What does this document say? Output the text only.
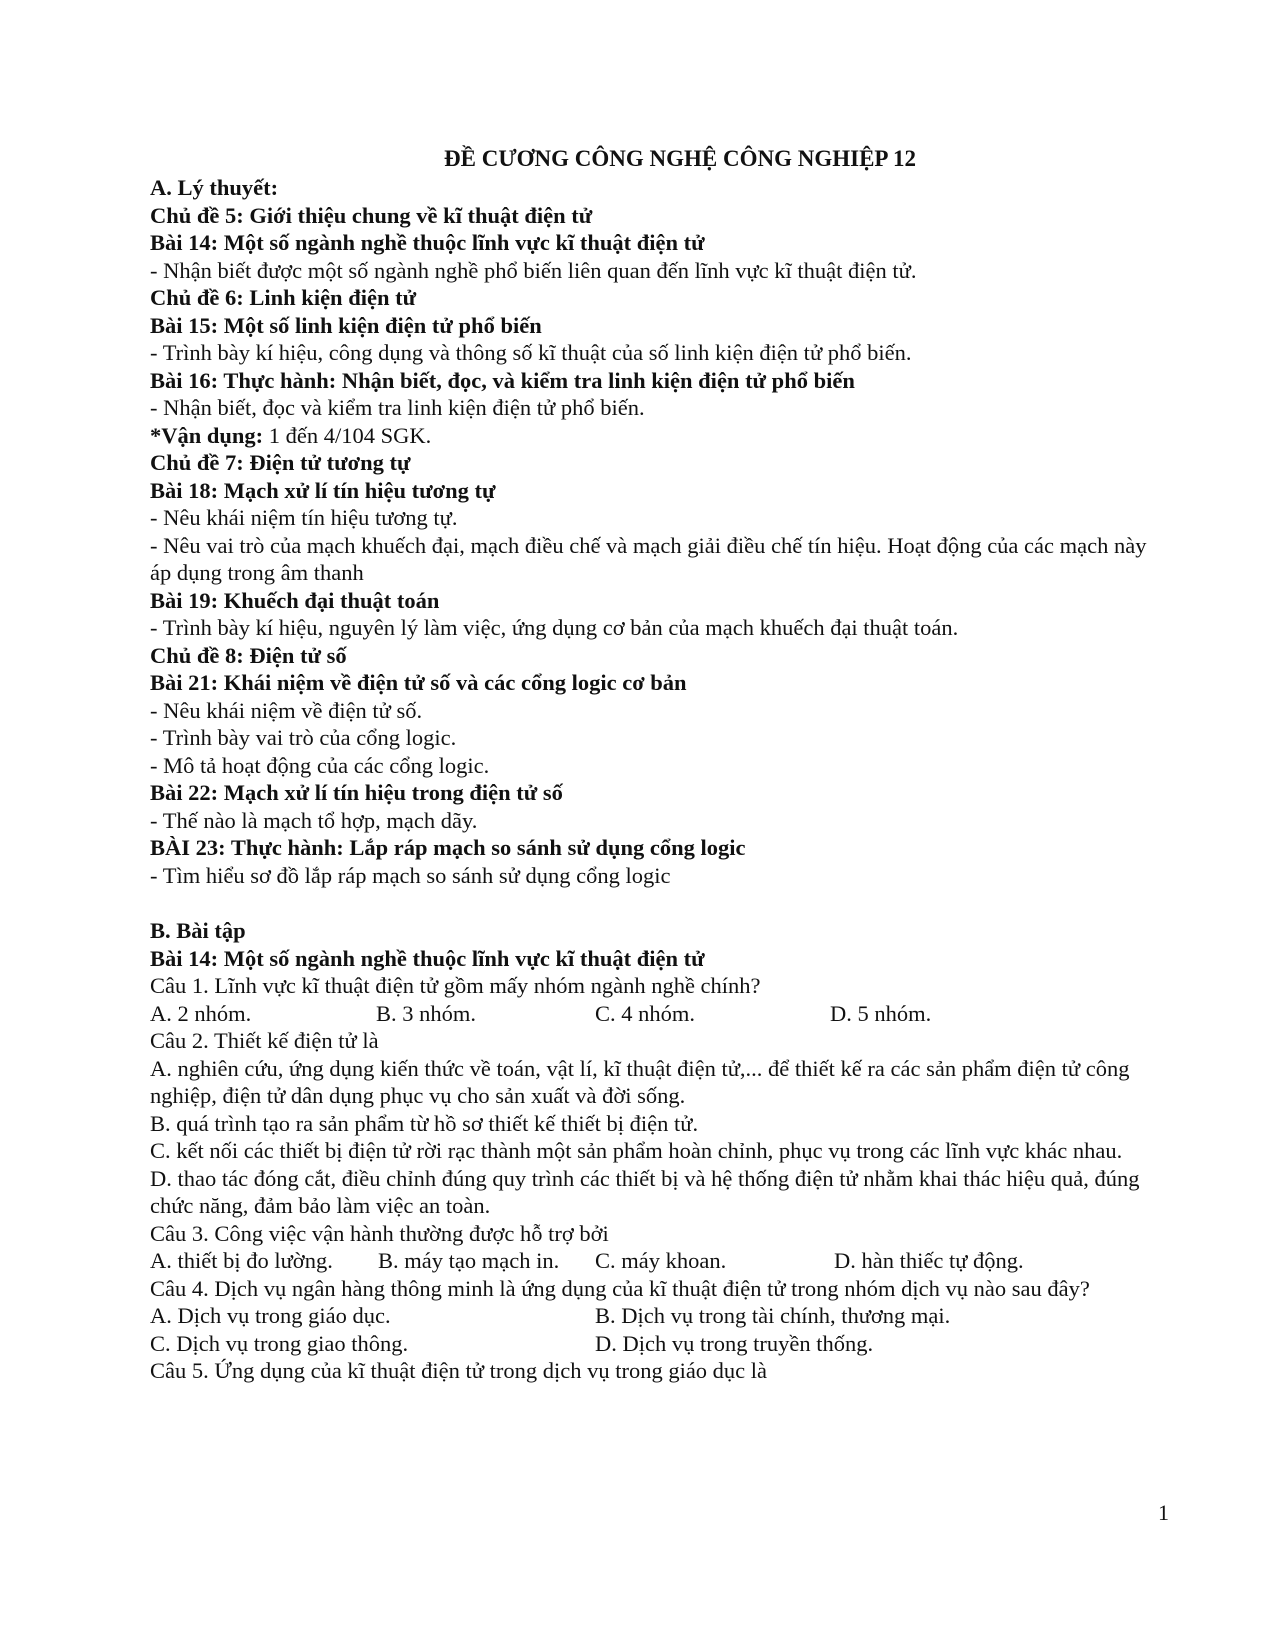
ĐỀ CƯƠNG CÔNG NGHỆ CÔNG NGHIỆP 12
A. Lý thuyết:
Chủ đề 5: Giới thiệu chung về kĩ thuật điện tử
Bài 14: Một số ngành nghề thuộc lĩnh vực kĩ thuật điện tử
- Nhận biết được một số ngành nghề phổ biến liên quan đến lĩnh vực kĩ thuật điện tử.
Chủ đề 6: Linh kiện điện tử
Bài 15: Một số linh kiện điện tử phổ biến
- Trình bày kí hiệu, công dụng và thông số kĩ thuật của số linh kiện điện tử phổ biến.
Bài 16: Thực hành: Nhận biết, đọc, và kiểm tra linh kiện điện tử phổ biến
- Nhận biết, đọc và kiểm tra linh kiện điện tử phổ biến.
*Vận dụng: 1 đến 4/104 SGK.
Chủ đề 7: Điện tử tương tự
Bài 18: Mạch xử lí tín hiệu tương tự
- Nêu khái niệm tín hiệu tương tự.
- Nêu vai trò của mạch khuếch đại, mạch điều chế và mạch giải điều chế tín hiệu. Hoạt động của các mạch này áp dụng trong âm thanh
Bài 19: Khuếch đại thuật toán
- Trình bày kí hiệu, nguyên lý làm việc, ứng dụng cơ bản của mạch khuếch đại thuật toán.
Chủ đề 8: Điện tử số
Bài 21: Khái niệm về điện tử số và các cổng logic cơ bản
- Nêu khái niệm về điện tử số.
- Trình bày vai trò của cổng logic.
- Mô tả hoạt động của các cổng logic.
Bài 22: Mạch xử lí tín hiệu trong điện tử số
- Thế nào là mạch tổ hợp, mạch dãy.
BÀI 23: Thực hành: Lắp ráp mạch so sánh sử dụng cổng logic
- Tìm hiểu sơ đồ lắp ráp mạch so sánh sử dụng cổng logic
B. Bài tập
Bài 14: Một số ngành nghề thuộc lĩnh vực kĩ thuật điện tử
Câu 1. Lĩnh vực kĩ thuật điện tử gồm mấy nhóm ngành nghề chính?
A. 2 nhóm.	B. 3 nhóm.	C. 4 nhóm.	D. 5 nhóm.
Câu 2. Thiết kế điện tử là
A. nghiên cứu, ứng dụng kiến thức về toán, vật lí, kĩ thuật điện tử,... để thiết kế ra các sản phẩm điện tử công nghiệp, điện tử dân dụng phục vụ cho sản xuất và đời sống.
B. quá trình tạo ra sản phẩm từ hồ sơ thiết kế thiết bị điện tử.
C. kết nối các thiết bị điện tử rời rạc thành một sản phẩm hoàn chỉnh, phục vụ trong các lĩnh vực khác nhau.
D. thao tác đóng cắt, điều chỉnh đúng quy trình các thiết bị và hệ thống điện tử nhằm khai thác hiệu quả, đúng chức năng, đảm bảo làm việc an toàn.
Câu 3. Công việc vận hành thường được hỗ trợ bởi
A. thiết bị đo lường.	B. máy tạo mạch in.	C. máy khoan.	D. hàn thiếc tự động.
Câu 4. Dịch vụ ngân hàng thông minh là ứng dụng của kĩ thuật điện tử trong nhóm dịch vụ nào sau đây?
A. Dịch vụ trong giáo dục.	B. Dịch vụ trong tài chính, thương mại.
C. Dịch vụ trong giao thông.	D. Dịch vụ trong truyền thống.
Câu 5. Ứng dụng của kĩ thuật điện tử trong dịch vụ trong giáo dục là
1
